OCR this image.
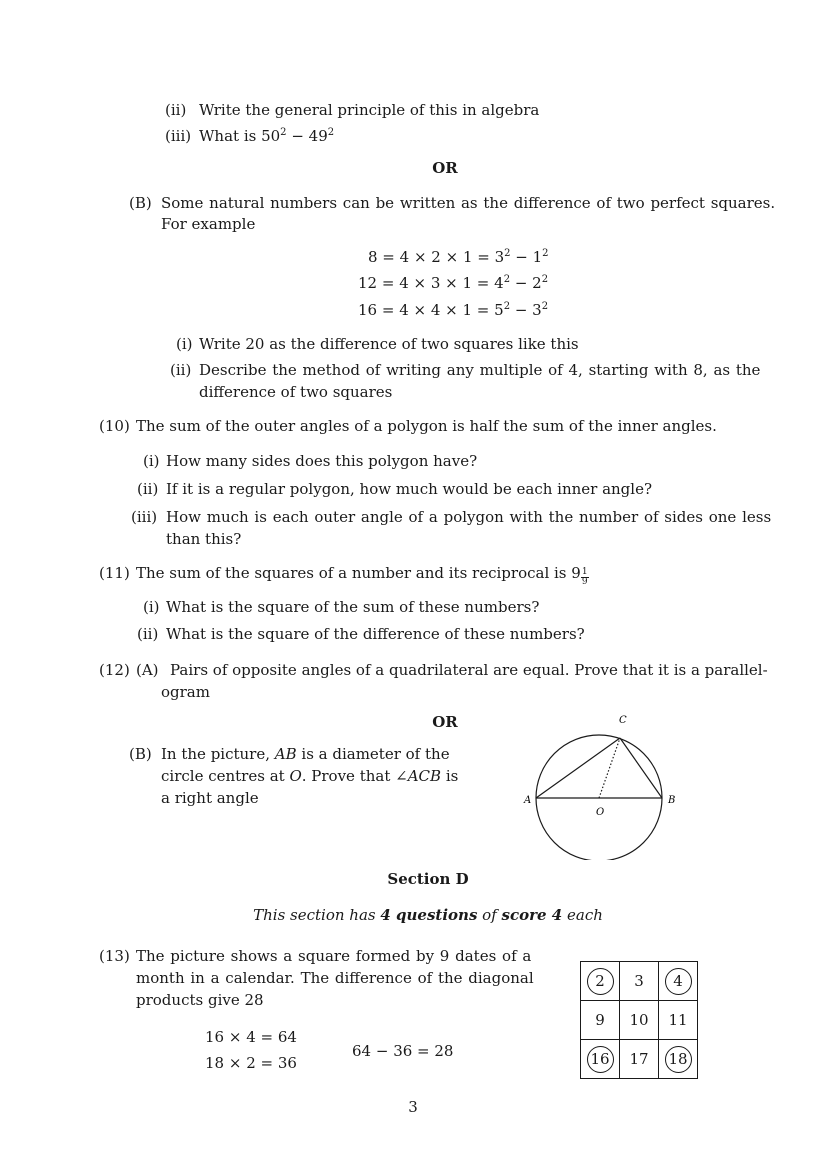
(ii) Write the general principle of this in algebra
(iii) What is $50^2 - 49^2$
OR
(B) Some natural numbers can be written as the difference of two perfect squares.
For example
$8 = 4 \times 2 \times 1 = 3^2 - 1^2$
$12 = 4 \times 3 \times 1 = 4^2 - 2^2$
$16 = 4 \times 4 \times 1 = 5^2 - 3^2$
(i) Write 20 as the difference of two squares like this
(ii) Describe the method of writing any multiple of 4, starting with 8, as the
difference of two squares
(10) The sum of the outer angles of a polygon is half the sum of the inner angles.
(i) How many sides does this polygon have?
(ii) If it is a regular polygon, how much would be each inner angle?
(iii) How much is each outer angle of a polygon with the number of sides one less
than this?
(11) The sum of the squares of a number and its reciprocal is $9 \frac{1}{9}$
(i) What is the square of the sum of these numbers?
(ii) What is the square of the difference of these numbers?
(12) (A) Pairs of opposite angles of a quadrilateral are equal. Prove that it is a parallel-
ogram
OR
(B) In the picture, AB is a diameter of the
circle centres at O. Prove that ∠ACB is
a right angle	A	B
C
O
Section D
This section has 4 questions of score 4 each
(13) The picture shows a square formed by 9 dates of a
month in a calendar. The difference of the diagonal
products give 28
16 × 4 = 64
18 × 2 = 36
64 − 36 = 28
2	3	4
9	10	11
16	17	18
3
